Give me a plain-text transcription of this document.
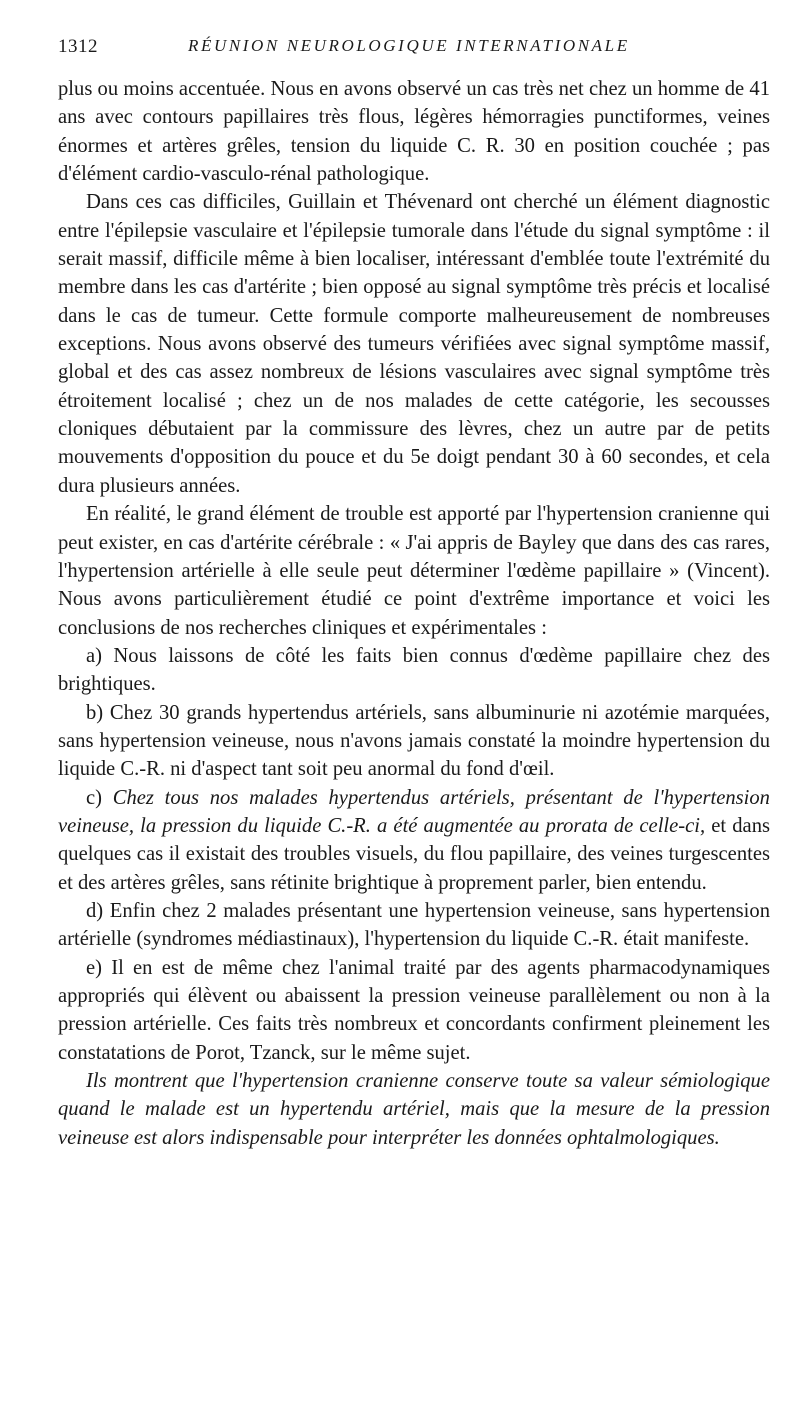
1312	RÉUNION NEUROLOGIQUE INTERNATIONALE

plus ou moins accentuée. Nous en avons observé un cas très net chez un homme de 41 ans avec contours papillaires très flous, légères hémorragies punctiformes, veines énormes et artères grêles, tension du liquide C. R. 30 en position couchée ; pas d'élément cardio-vasculo-rénal pathologique.

Dans ces cas difficiles, Guillain et Thévenard ont cherché un élément diagnostic entre l'épilepsie vasculaire et l'épilepsie tumorale dans l'étude du signal symptôme : il serait massif, difficile même à bien localiser, intéressant d'emblée toute l'extrémité du membre dans les cas d'artérite ; bien opposé au signal symptôme très précis et localisé dans le cas de tumeur. Cette formule comporte malheureusement de nombreuses exceptions. Nous avons observé des tumeurs vérifiées avec signal symptôme massif, global et des cas assez nombreux de lésions vasculaires avec signal symptôme très étroitement localisé ; chez un de nos malades de cette catégorie, les secousses cloniques débutaient par la commissure des lèvres, chez un autre par de petits mouvements d'opposition du pouce et du 5e doigt pendant 30 à 60 secondes, et cela dura plusieurs années.

En réalité, le grand élément de trouble est apporté par l'hypertension cranienne qui peut exister, en cas d'artérite cérébrale : « J'ai appris de Bayley que dans des cas rares, l'hypertension artérielle à elle seule peut déterminer l'œdème papillaire » (Vincent). Nous avons particulièrement étudié ce point d'extrême importance et voici les conclusions de nos recherches cliniques et expérimentales :

a) Nous laissons de côté les faits bien connus d'œdème papillaire chez des brightiques.

b) Chez 30 grands hypertendus artériels, sans albuminurie ni azotémie marquées, sans hypertension veineuse, nous n'avons jamais constaté la moindre hypertension du liquide C.-R. ni d'aspect tant soit peu anormal du fond d'œil.

c) Chez tous nos malades hypertendus artériels, présentant de l'hypertension veineuse, la pression du liquide C.-R. a été augmentée au prorata de celle-ci, et dans quelques cas il existait des troubles visuels, du flou papillaire, des veines turgescentes et des artères grêles, sans rétinite brightique à proprement parler, bien entendu.

d) Enfin chez 2 malades présentant une hypertension veineuse, sans hypertension artérielle (syndromes médiastinaux), l'hypertension du liquide C.-R. était manifeste.

e) Il en est de même chez l'animal traité par des agents pharmacodynamiques appropriés qui élèvent ou abaissent la pression veineuse parallèlement ou non à la pression artérielle. Ces faits très nombreux et concordants confirment pleinement les constatations de Porot, Tzanck, sur le même sujet.

Ils montrent que l'hypertension cranienne conserve toute sa valeur sémiologique quand le malade est un hypertendu artériel, mais que la mesure de la pression veineuse est alors indispensable pour interpréter les données ophtalmologiques.
